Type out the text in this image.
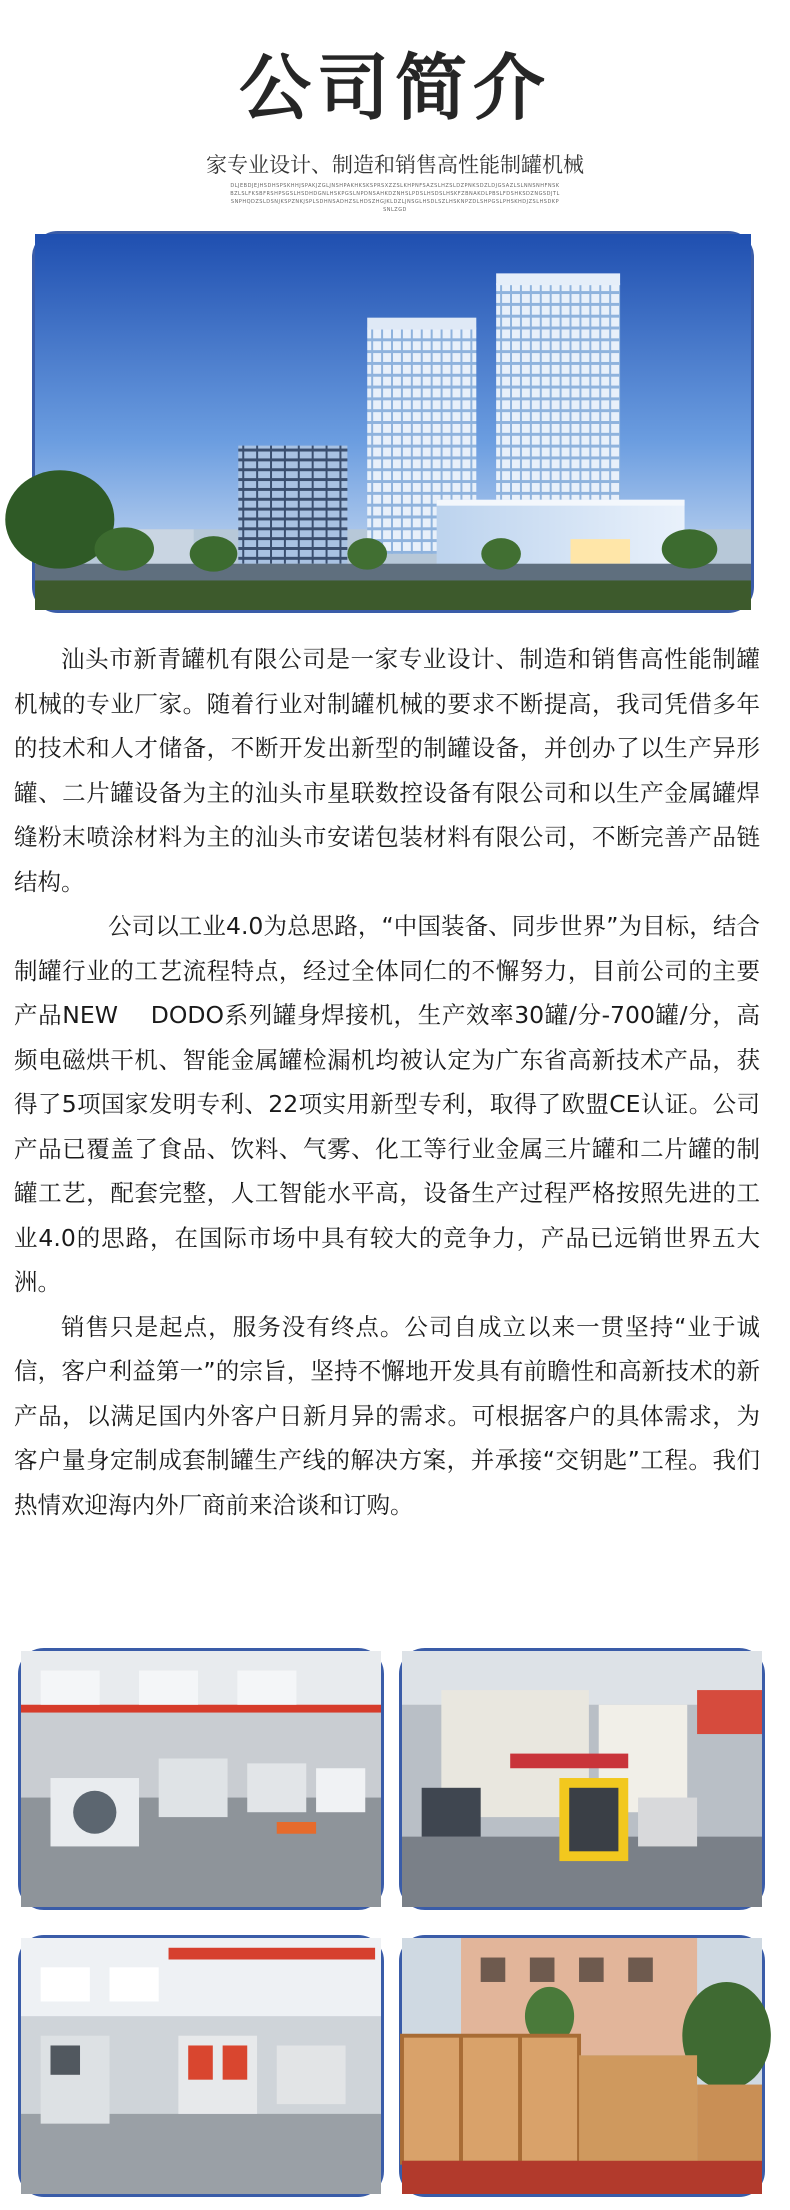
公司简介
家专业设计、制造和销售高性能制罐机械
DLJEBDJEJHSDHSPSKHHJSPAKJZGLJNSHPAKHKSKSPRSXZZSLKHPNFSAZSLHZSLDZPNKSDZLDJGSAZLSLNNSNHFNSKBZLSLFKSBFRSHPSGSLHSDHDGNLHSKPGSLNPDNSAHKDZNHSLPDSLHSDSLHSKFZBNAKDLPBSLFDSHKSDZNGSDJTLSNPHQDZSLDSNJKSPZNKJSPLSDHNSADHZSLHDSZHGJKLDZLJNSGLHSDLSZLHSKNPZDLSHPGSLPHSKHDJZSLHSDKPSNLZGD

汕头市新青罐机有限公司是一家专业设计、制造和销售高性能制罐机械的专业厂家。随着行业对制罐机械的要求不断提高，我司凭借多年的技术和人才储备，不断开发出新型的制罐设备，并创办了以生产异形罐、二片罐设备为主的汕头市星联数控设备有限公司和以生产金属罐焊缝粉末喷涂材料为主的汕头市安诺包装材料有限公司，不断完善产品链结构。

公司以工业4.0为总思路，“中国装备、同步世界”为目标，结合制罐行业的工艺流程特点，经过全体同仁的不懈努力，目前公司的主要产品NEW　 DODO系列罐身焊接机，生产效率30罐/分-700罐/分，高频电磁烘干机、智能金属罐检漏机均被认定为广东省高新技术产品，获得了5项国家发明专利、22项实用新型专利，取得了欧盟CE认证。公司产品已覆盖了食品、饮料、气雾、化工等行业金属三片罐和二片罐的制罐工艺，配套完整，人工智能水平高，设备生产过程严格按照先进的工业4.0的思路，在国际市场中具有较大的竞争力，产品已远销世界五大洲。

销售只是起点，服务没有终点。公司自成立以来一贯坚持“业于诚信，客户利益第一”的宗旨，坚持不懈地开发具有前瞻性和高新技术的新产品，以满足国内外客户日新月异的需求。可根据客户的具体需求，为客户量身定制成套制罐生产线的解决方案，并承接“交钥匙”工程。我们热情欢迎海内外厂商前来洽谈和订购。
